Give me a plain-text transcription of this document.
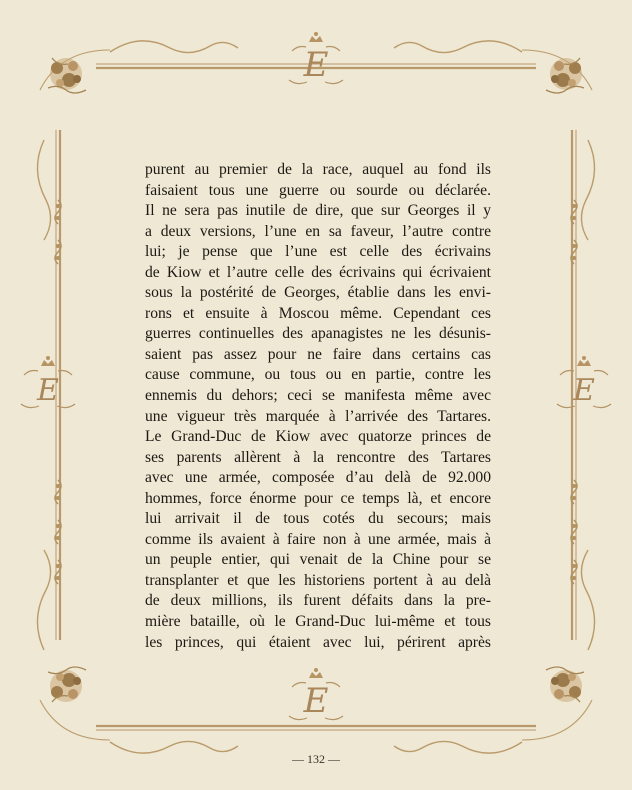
E
E
E	E
purent au premier de la race, auquel au fond ils
faisaient tous une guerre ou sourde ou déclarée.
Il ne sera pas inutile de dire, que sur Georges il y
a deux versions, l’une en sa faveur, l’autre contre
lui; je pense que l’une est celle des écrivains
de Kiow et l’autre celle des écrivains qui écrivaient
sous la postérité de Georges, établie dans les envi-
rons et ensuite à Moscou même. Cependant ces
guerres continuelles des apanagistes ne les désunis-
saient pas assez pour ne faire dans certains cas
cause commune, ou tous ou en partie, contre les
ennemis du dehors; ceci se manifesta même avec
une vigueur très marquée à l’arrivée des Tartares.
Le Grand-Duc de Kiow avec quatorze princes de
ses parents allèrent à la rencontre des Tartares
avec une armée, composée d’au delà de 92.000
hommes, force énorme pour ce temps là, et encore
lui arrivait il de tous cotés du secours; mais
comme ils avaient à faire non à une armée, mais à
un peuple entier, qui venait de la Chine pour se
transplanter et que les historiens portent à au delà
de deux millions, ils furent défaits dans la pre-
mière bataille, où le Grand-Duc lui-même et tous
les princes, qui étaient avec lui, périrent après
— 132 —
